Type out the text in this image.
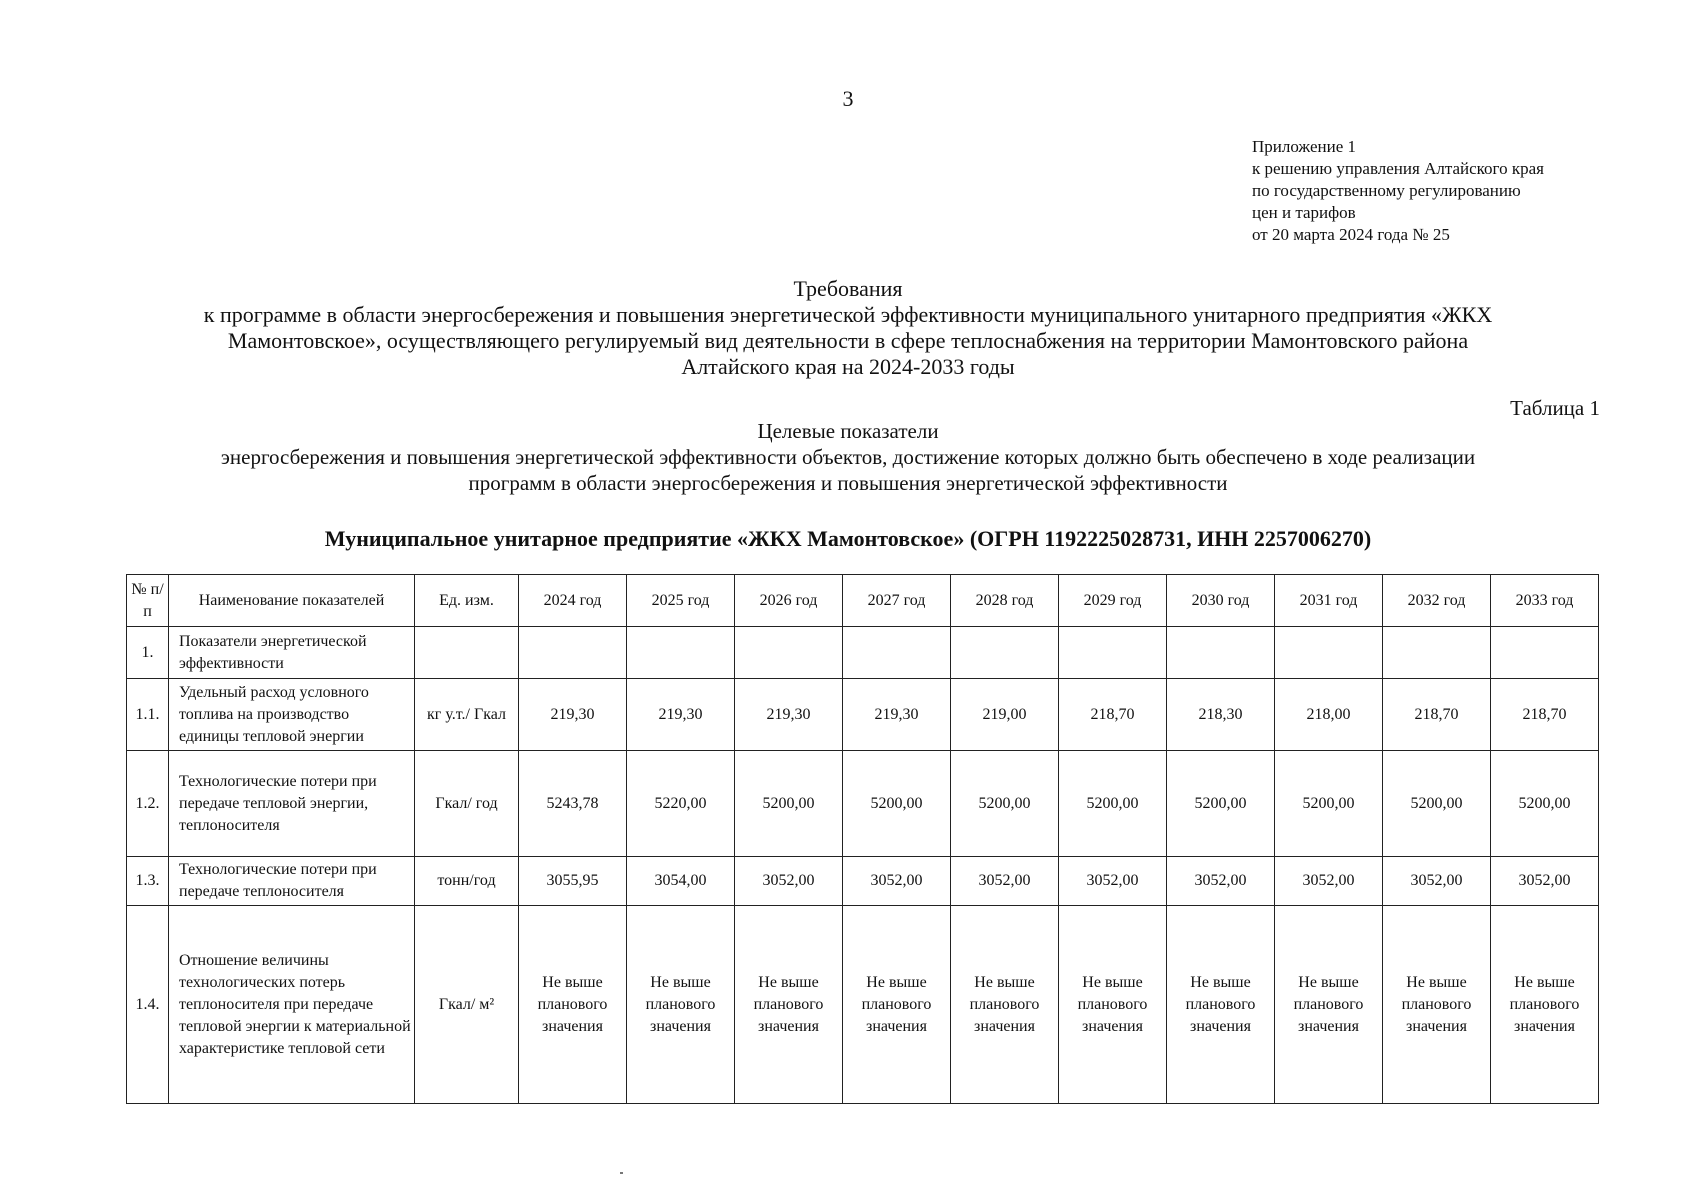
3
Приложение 1
к решению управления Алтайского края
по государственному регулированию
цен и тарифов
от 20 марта 2024 года № 25
Требования
к программе в области энергосбережения и повышения энергетической эффективности муниципального унитарного предприятия «ЖКХ
Мамонтовское», осуществляющего регулируемый вид деятельности в сфере теплоснабжения на территории Мамонтовского района
Алтайского края на 2024-2033 годы
Таблица 1
Целевые показатели
энергосбережения и повышения энергетической эффективности объектов, достижение которых должно быть обеспечено в ходе реализации
программ в области энергосбережения и повышения энергетической эффективности
Муниципальное унитарное предприятие «ЖКХ Мамонтовское» (ОГРН 1192225028731, ИНН 2257006270)
№ п/п	Наименование показателей	Ед. изм.	2024 год	2025 год	2026 год	2027 год	2028 год	2029 год	2030 год	2031 год	2032 год	2033 год
1.	Показатели энергетической эффективности											
1.1.	Удельный расход условного топлива на производство единицы тепловой энергии	кг у.т./ Гкал	219,30	219,30	219,30	219,30	219,00	218,70	218,30	218,00	218,70	218,70
1.2.	Технологические потери при передаче тепловой энергии, теплоносителя	Гкал/ год	5243,78	5220,00	5200,00	5200,00	5200,00	5200,00	5200,00	5200,00	5200,00	5200,00
1.3.	Технологические потери при передаче теплоносителя	тонн/год	3055,95	3054,00	3052,00	3052,00	3052,00	3052,00	3052,00	3052,00	3052,00	3052,00
1.4.	Отношение величины технологических потерь теплоносителя при передаче тепловой энергии к материальной характеристике тепловой сети	Гкал/ м²	Не выше планового значения	Не выше планового значения	Не выше планового значения	Не выше планового значения	Не выше планового значения	Не выше планового значения	Не выше планового значения	Не выше планового значения	Не выше планового значения	Не выше планового значения
